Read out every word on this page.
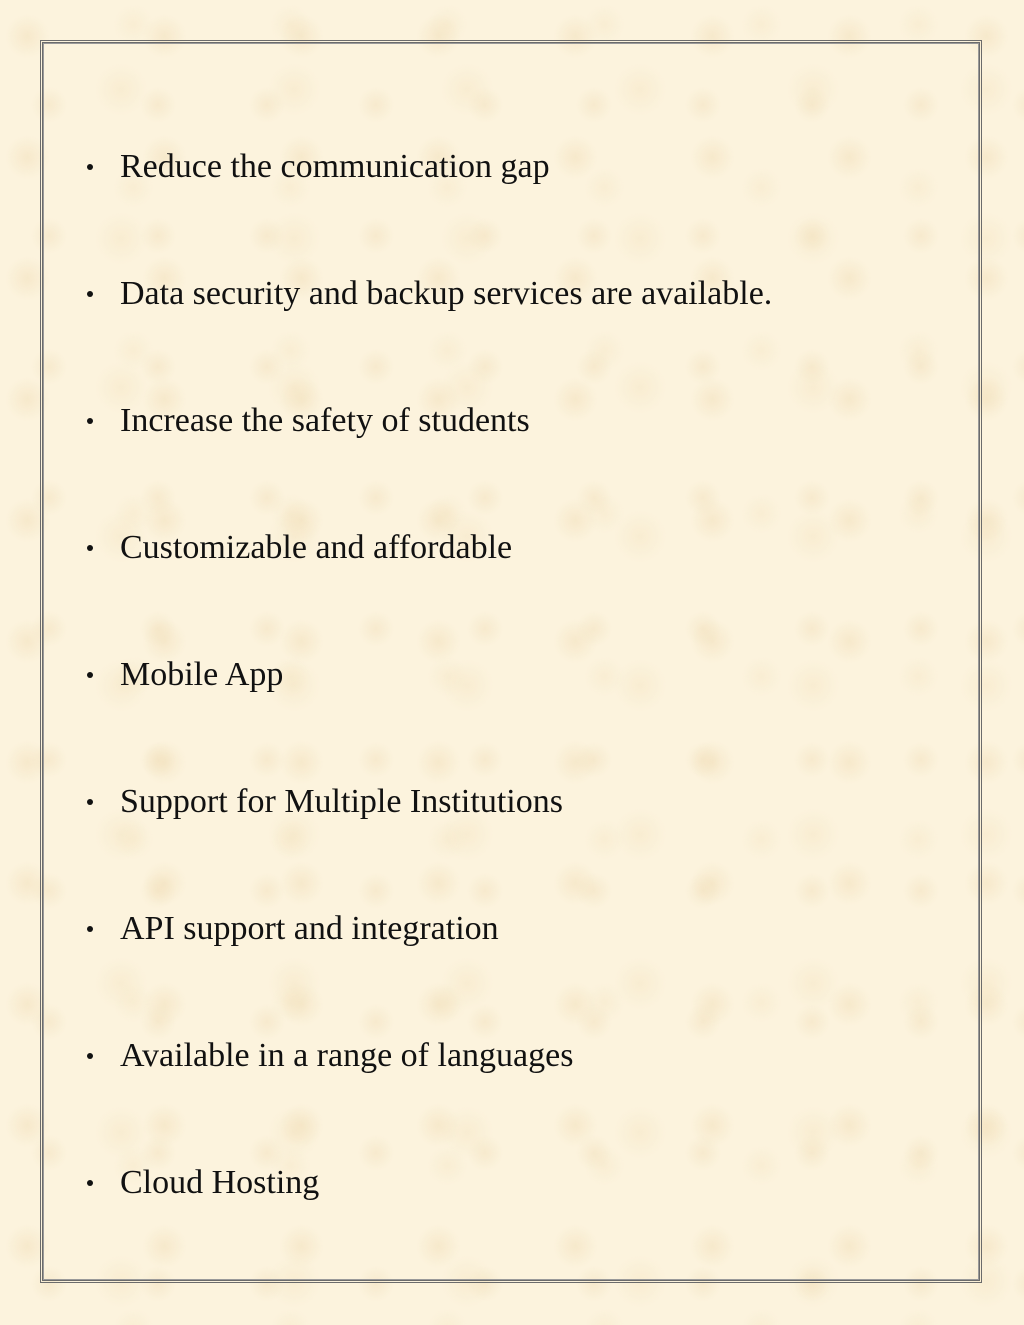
Reduce the communication gap
Data security and backup services are available.
Increase the safety of students
Customizable and affordable
Mobile App
Support for Multiple Institutions
API support and integration
Available in a range of languages
Cloud Hosting
